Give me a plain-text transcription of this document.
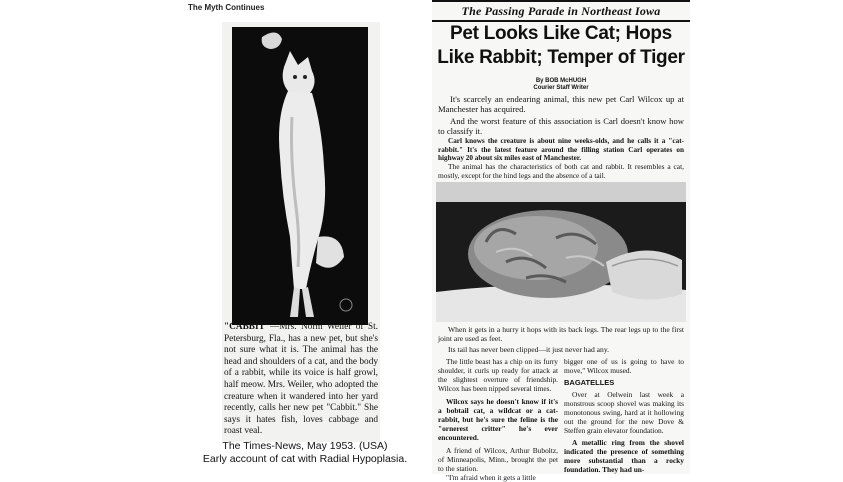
The Myth Continues
"CABBIT"—Mrs. Norm Weiler of St. Petersburg, Fla., has a new pet, but she's not sure what it is. The animal has the head and shoulders of a cat, and the body of a rabbit, while its voice is half growl, half meow. Mrs. Weiler, who adopted the creature when it wandered into her yard recently, calls her new pet "Cabbit." She says it hates fish, loves cabbage and roast veal.
The Times-News, May 1953. (USA)
Early account of cat with Radial Hypoplasia.
The Passing Parade in Northeast Iowa
Pet Looks Like Cat; Hops
Like Rabbit; Temper of Tiger
By BOB McHUGH
Courier Staff Writer
It's scarcely an endearing animal, this new pet Carl Wilcox up at Manchester has acquired.
And the worst feature of this association is Carl doesn't know how to classify it.
Carl knows the creature is about nine weeks-olds, and he calls it a "cat-rabbit." It's the latest feature around the filling station Carl operates on highway 20 about six miles east of Manchester.
The animal has the characteristics of both cat and rabbit. It resembles a cat, mostly, except for the hind legs and the absence of a tail.
When it gets in a hurry it hops with its back legs. The rear legs up to the first joint are used as feet.
Its tail has never been clipped—it just never had any.
The little beast has a chip on its furry shoulder, it curls up ready for attack at the slightest overture of friendship. Wilcox has been nipped several times.
Wilcox says he doesn't know if it's a bobtail cat, a wildcat or a cat-rabbit, but he's sure the feline is the "ornerest critter" he's ever encountered.
A friend of Wilcox, Arthur Buboltz, of Minneapolis, Minn., brought the pet to the station.
"I'm afraid when it gets a little
bigger one of us is going to have to move," Wilcox mused.
BAGATELLES
Over at Oelwein last week a monstrous scoop shovel was making its monotonous swing, hard at it hollowing out the ground for the new Dove & Steffen grain elevator foundation.
A metallic ring from the shovel indicated the presence of something more substantial than a rocky foundation. They had un-
